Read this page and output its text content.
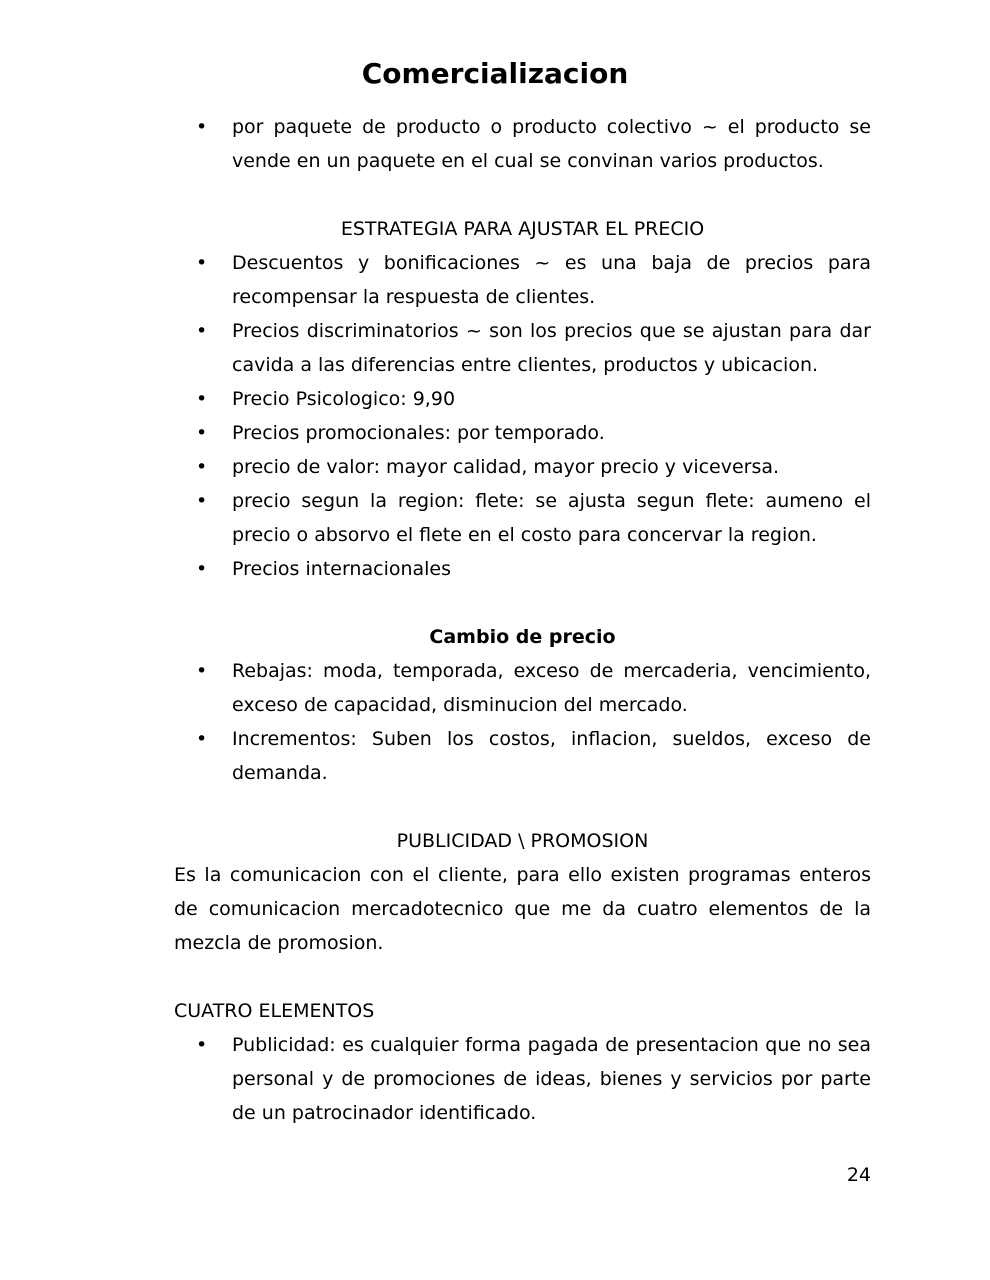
Comercializacion
• por paquete de producto o producto colectivo ~ el producto se vende en un paquete en el cual se convinan varios productos.
ESTRATEGIA PARA AJUSTAR EL PRECIO
• Descuentos y bonificaciones ~ es una baja de precios para recompensar la respuesta de clientes.
• Precios discriminatorios ~ son los precios que se ajustan para dar cavida a las diferencias entre clientes, productos y ubicacion.
• Precio Psicologico: 9,90
• Precios promocionales: por temporado.
• precio de valor: mayor calidad, mayor precio y viceversa.
• precio segun la region: flete: se ajusta segun flete: aumeno el precio o absorvo el flete en el costo para concervar la region.
• Precios internacionales
Cambio de precio
• Rebajas: moda, temporada, exceso de mercaderia, vencimiento, exceso de capacidad, disminucion del mercado.
• Incrementos: Suben los costos, inflacion, sueldos, exceso de demanda.
PUBLICIDAD \ PROMOSION
Es la comunicacion con el cliente, para ello existen programas enteros de comunicacion mercadotecnico que me da cuatro elementos de la mezcla de promosion.
CUATRO ELEMENTOS
• Publicidad: es cualquier forma pagada de presentacion que no sea personal y de promociones de ideas, bienes y servicios por parte de un patrocinador identificado.
24
